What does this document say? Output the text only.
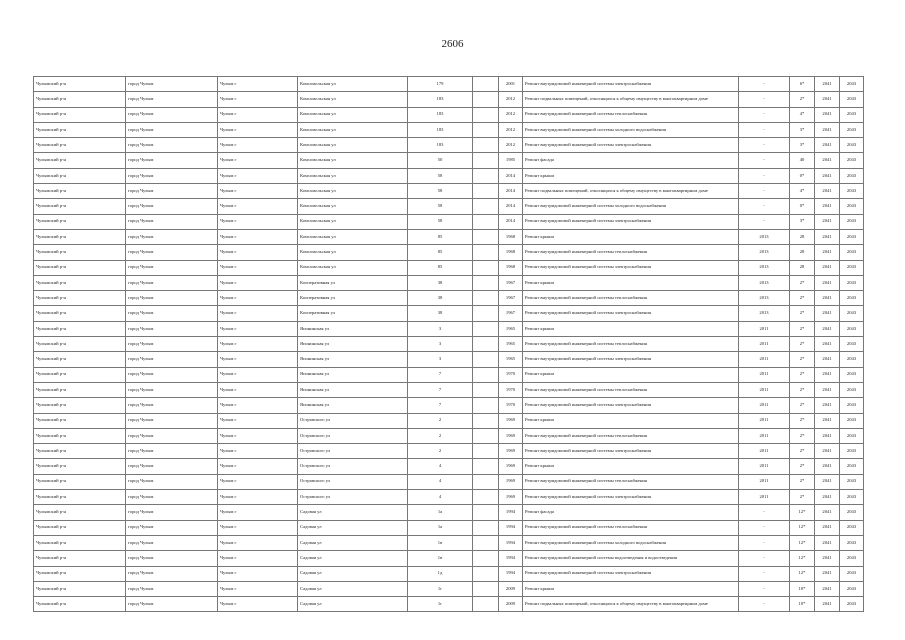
2606
Чулымский р-н	город Чулым	Чулым г	Комсомольская ул	179		2001	Ремонт внутридомовой инженерной системы электроснабжения	-	6*	2041	2043
Чулымский р-н	город Чулым	Чулым г	Комсомольская ул	183		2012	Ремонт подвальных помещений, относящихся к общему имуществу в многоквартирном доме	-	2*	2041	2043
Чулымский р-н	город Чулым	Чулым г	Комсомольская ул	183		2012	Ремонт внутридомовой инженерной системы теплоснабжения	-	4*	2041	2043
Чулымский р-н	город Чулым	Чулым г	Комсомольская ул	183		2012	Ремонт внутридомовой инженерной системы холодного водоснабжения	-	3*	2041	2043
Чулымский р-н	город Чулым	Чулым г	Комсомольская ул	183		2012	Ремонт внутридомовой инженерной системы электроснабжения	-	3*	2041	2043
Чулымский р-н	город Чулым	Чулым г	Комсомольская ул	50		1985	Ремонт фасада	-	40	2041	2043
Чулымский р-н	город Чулым	Чулым г	Комсомольская ул	58		2014	Ремонт крыши	-	0*	2041	2043
Чулымский р-н	город Чулым	Чулым г	Комсомольская ул	58		2014	Ремонт подвальных помещений, относящихся к общему имуществу в многоквартирном доме	-	4*	2041	2043
Чулымский р-н	город Чулым	Чулым г	Комсомольская ул	58		2014	Ремонт внутридомовой инженерной системы холодного водоснабжения	-	0*	2041	2043
Чулымский р-н	город Чулым	Чулым г	Комсомольская ул	58		2014	Ремонт внутридомовой инженерной системы электроснабжения	-	3*	2041	2043
Чулымский р-н	город Чулым	Чулым г	Комсомольская ул	85		1968	Ремонт крыши	2013	28	2041	2043
Чулымский р-н	город Чулым	Чулым г	Комсомольская ул	85		1968	Ремонт внутридомовой инженерной системы теплоснабжения	2013	28	2041	2043
Чулымский р-н	город Чулым	Чулым г	Комсомольская ул	85		1968	Ремонт внутридомовой инженерной системы электроснабжения	2013	28	2041	2043
Чулымский р-н	город Чулым	Чулым г	Кооперативная ул	38		1967	Ремонт крыши	2013	2*	2041	2043
Чулымский р-н	город Чулым	Чулым г	Кооперативная ул	38		1967	Ремонт внутридомовой инженерной системы теплоснабжения	2013	2*	2041	2043
Чулымский р-н	город Чулым	Чулым г	Кооперативная ул	38		1967	Ремонт внутридомовой инженерной системы электроснабжения	2013	2*	2041	2043
Чулымский р-н	город Чулым	Чулым г	Японинская ул	3		1965	Ремонт крыши	2011	2*	2041	2043
Чулымский р-н	город Чулым	Чулым г	Японинская ул	3		1965	Ремонт внутридомовой инженерной системы теплоснабжения	2011	2*	2041	2043
Чулымский р-н	город Чулым	Чулым г	Японинская ул	3		1965	Ремонт внутридомовой инженерной системы электроснабжения	2011	2*	2041	2043
Чулымский р-н	город Чулым	Чулым г	Японинская ул	7		1970	Ремонт крыши	2011	2*	2041	2043
Чулымский р-н	город Чулым	Чулым г	Японинская ул	7		1970	Ремонт внутридомовой инженерной системы теплоснабжения	2011	2*	2041	2043
Чулымский р-н	город Чулым	Чулым г	Японинская ул	7		1970	Ремонт внутридомовой инженерной системы электроснабжения	2011	2*	2041	2043
Чулымский р-н	город Чулым	Чулым г	Островского ул	2		1969	Ремонт крыши	2011	2*	2041	2043
Чулымский р-н	город Чулым	Чулым г	Островского ул	2		1969	Ремонт внутридомовой инженерной системы теплоснабжения	2011	2*	2041	2043
Чулымский р-н	город Чулым	Чулым г	Островского ул	2		1969	Ремонт внутридомовой инженерной системы электроснабжения	2011	2*	2041	2043
Чулымский р-н	город Чулым	Чулым г	Островского ул	4		1969	Ремонт крыши	2011	2*	2041	2043
Чулымский р-н	город Чулым	Чулым г	Островского ул	4		1969	Ремонт внутридомовой инженерной системы теплоснабжения	2011	2*	2041	2043
Чулымский р-н	город Чулым	Чулым г	Островского ул	4		1969	Ремонт внутридомовой инженерной системы электроснабжения	2011	2*	2041	2043
Чулымский р-н	город Чулым	Чулым г	Садовая ул	1а		1994	Ремонт фасада	-	12*	2041	2043
Чулымский р-н	город Чулым	Чулым г	Садовая ул	1а		1994	Ремонт внутридомовой инженерной системы теплоснабжения	-	12*	2041	2043
Чулымский р-н	город Чулым	Чулым г	Садовая ул	1в		1994	Ремонт внутридомовой инженерной системы холодного водоснабжения	-	12*	2041	2043
Чулымский р-н	город Чулым	Чулым г	Садовая ул	1в		1994	Ремонт внутридомовой инженерной системы водоотведения и водоотведения	-	12*	2041	2043
Чулымский р-н	город Чулым	Чулым г	Садовая ул	1д		1994	Ремонт внутридомовой инженерной системы электроснабжения	-	12*	2041	2043
Чулымский р-н	город Чулым	Чулым г	Садовая ул	1г		2009	Ремонт крыши	-	10*	2041	2043
Чулымский р-н	город Чулым	Чулым г	Садовая ул	1г		2009	Ремонт подвальных помещений, относящихся к общему имуществу в многоквартирном доме	-	10*	2041	2043
